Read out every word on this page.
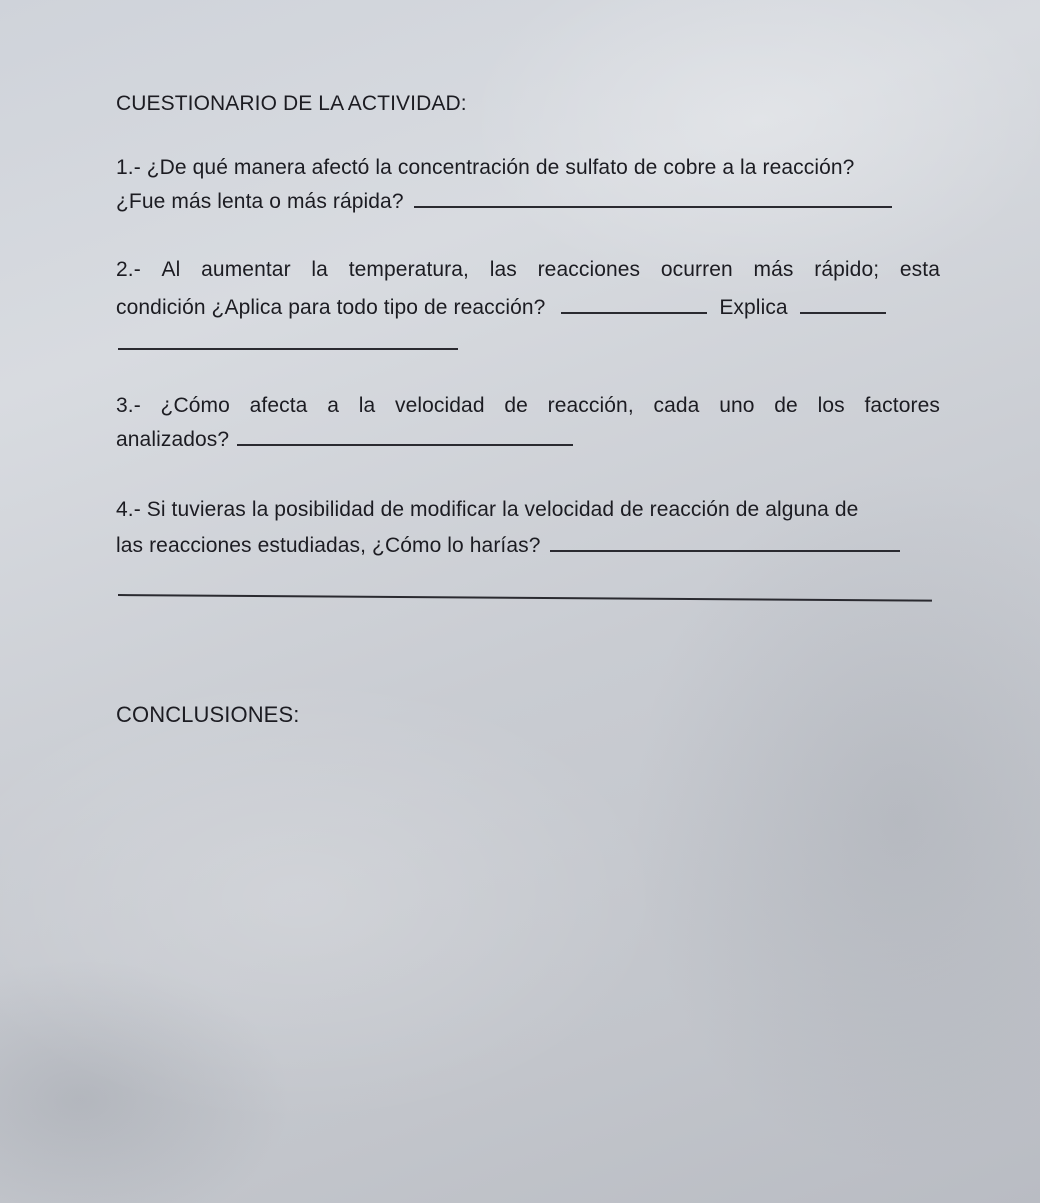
CUESTIONARIO DE LA ACTIVIDAD:
1.- ¿De qué manera afectó la concentración de sulfato de cobre a la reacción?
¿Fue más lenta o más rápida?
2.- Al aumentar la temperatura, las reacciones ocurren más rápido; esta
condición ¿Aplica para todo tipo de reacción?	Explica
3.- ¿Cómo afecta a la velocidad de reacción, cada uno de los factores
analizados?
4.- Si tuvieras la posibilidad de modificar la velocidad de reacción de alguna de
las reacciones estudiadas, ¿Cómo lo harías?
CONCLUSIONES:
